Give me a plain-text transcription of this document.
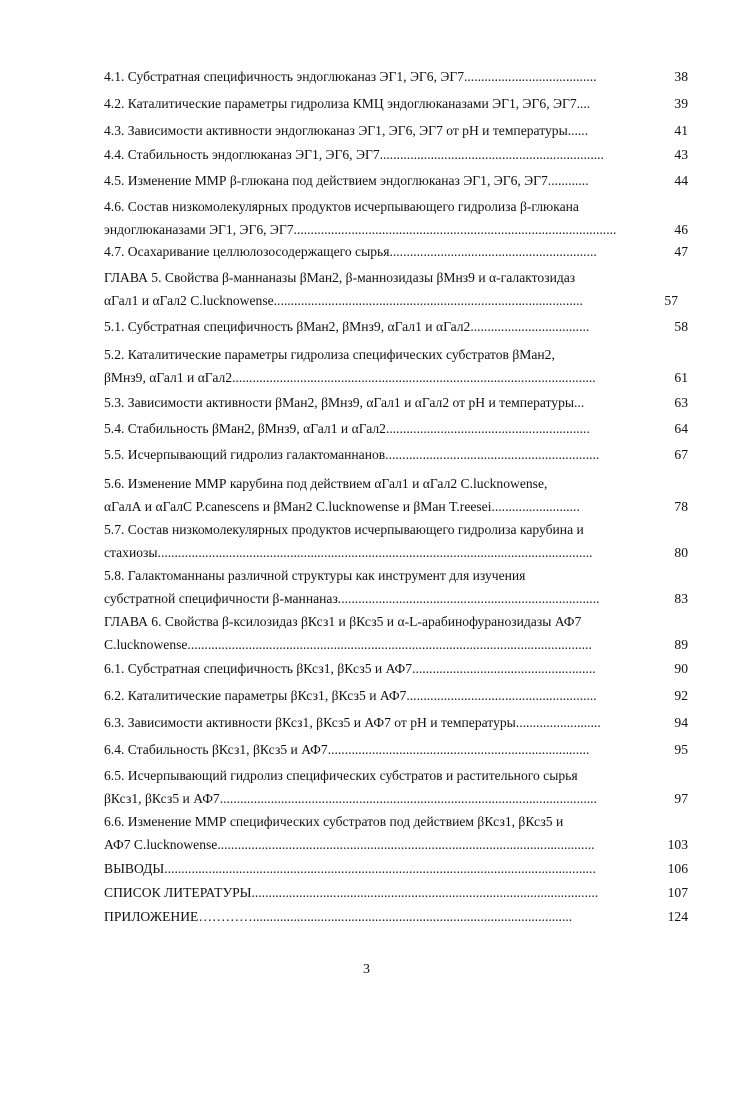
4.1. Субстратная специфичность эндоглюканаз ЭГ1, ЭГ6, ЭГ7.......................................	38
4.2. Каталитические параметры гидролиза КМЦ эндоглюканазами ЭГ1, ЭГ6, ЭГ7....	39
4.3. Зависимости активности эндоглюканаз ЭГ1, ЭГ6, ЭГ7 от pH и температуры......	41
4.4. Стабильность эндоглюканаз ЭГ1, ЭГ6, ЭГ7..................................................................	43
4.5. Изменение ММР β-глюкана под действием эндоглюканаз ЭГ1, ЭГ6, ЭГ7............	44
4.6. Состав низкомолекулярных продуктов исчерпывающего гидролиза β-глюкана
эндоглюканазами ЭГ1, ЭГ6, ЭГ7...............................................................................................	46
4.7. Осахаривание целлюлозосодержащего сырья.............................................................	47
ГЛАВА 5. Свойства β-маннаназы βМан2, β-маннозидазы βМнз9 и α-галактозидаз
αГал1 и αГал2 C.lucknowense...........................................................................................	57
5.1. Субстратная специфичность βМан2, βМнз9, αГал1 и αГал2...................................	58
5.2. Каталитические параметры гидролиза специфических субстратов βМан2,
βМнз9, αГал1 и αГал2...........................................................................................................	61
5.3. Зависимости активности βМан2, βМнз9, αГал1 и αГал2 от pH и температуры...	63
5.4. Стабильность βМан2, βМнз9, αГал1 и αГал2............................................................	64
5.5. Исчерпывающий гидролиз галактоманнанов...............................................................	67
5.6. Изменение ММР карубина под действием αГал1 и αГал2 C.lucknowense,
αГалА и αГалС P.canescens и βМан2 C.lucknowense и βМан T.reesei..........................	78
5.7. Состав низкомолекулярных продуктов исчерпывающего гидролиза карубина и
стахиозы................................................................................................................................	80
5.8. Галактоманнаны различной структуры как инструмент для изучения
субстратной специфичности β-маннаназ.............................................................................	83
ГЛАВА 6. Свойства β-ксилозидаз βКсз1 и βКсз5 и α-L-арабинофуранозидазы АФ7
C.lucknowense.......................................................................................................................	89
6.1. Субстратная специфичность βКсз1, βКсз5 и АФ7......................................................	90
6.2. Каталитические параметры βКсз1, βКсз5 и АФ7........................................................	92
6.3. Зависимости активности βКсз1, βКсз5 и АФ7 от pH и температуры.........................	94
6.4. Стабильность βКсз1, βКсз5 и АФ7.............................................................................	95
6.5. Исчерпывающий гидролиз специфических субстратов и растительного сырья
βКсз1, βКсз5 и АФ7...............................................................................................................	97
6.6. Изменение ММР специфических субстратов под действием βКсз1, βКсз5 и
АФ7 C.lucknowense...............................................................................................................	103
ВЫВОДЫ...............................................................................................................................	106
СПИСОК ЛИТЕРАТУРЫ......................................................................................................	107
ПРИЛОЖЕНИЕ…………..............................................................................................	124
3
